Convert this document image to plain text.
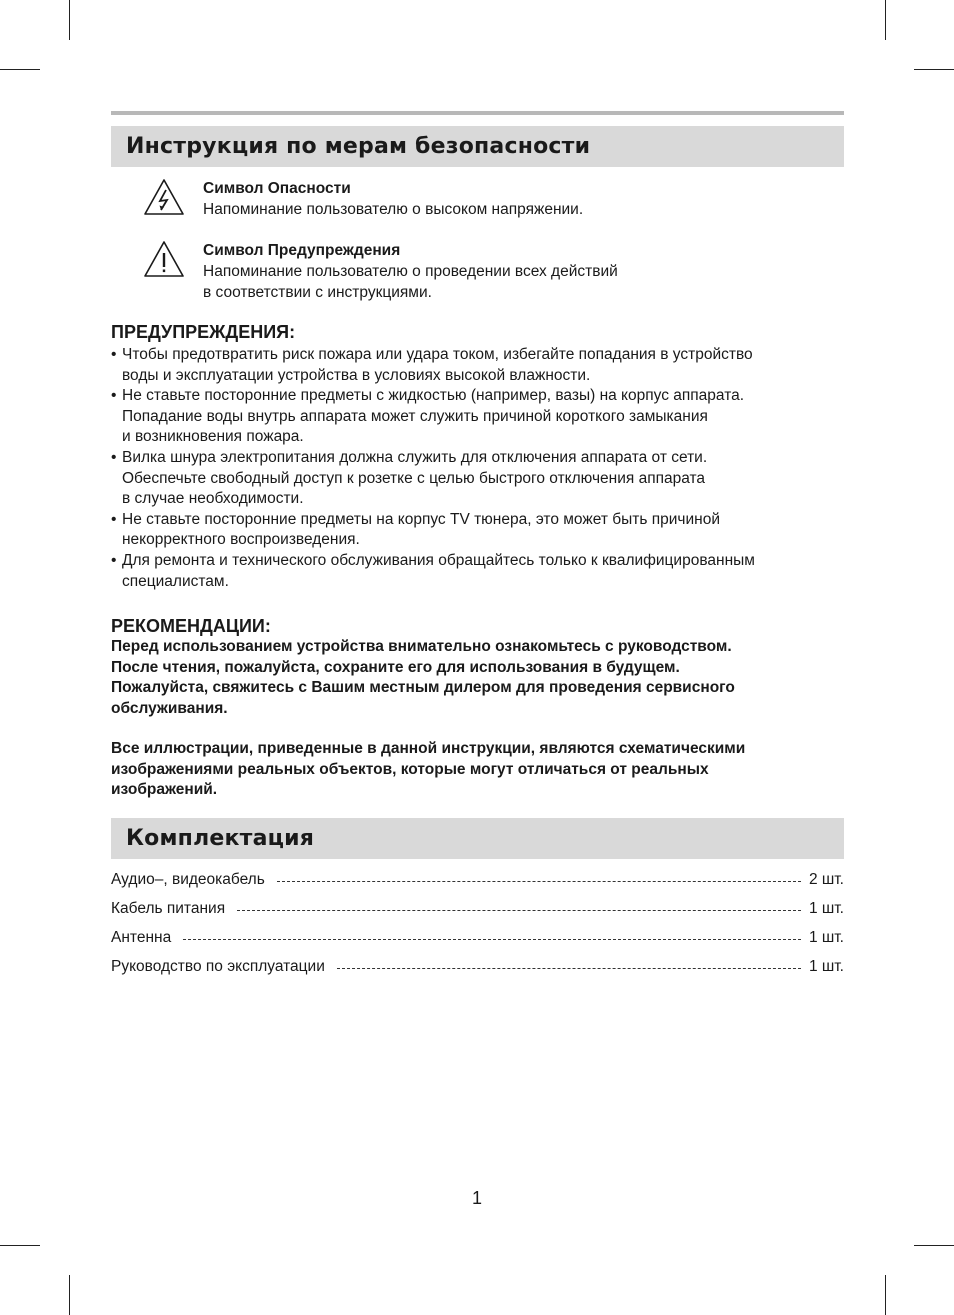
Инструкция по мерам безопасности
Символ Опасности
Напоминание пользователю о высоком напряжении.
Символ Предупреждения
Напоминание пользователю о проведении всех действий
в соответствии с инструкциями.
ПРЕДУПРЕЖДЕНИЯ:
• Чтобы предотвратить риск пожара или удара током, избегайте попадания в устройство
воды и эксплуатации устройства в условиях высокой влажности.
• Не ставьте посторонние предметы с жидкостью (например, вазы) на корпус аппарата.
Попадание воды внутрь аппарата может служить причиной короткого замыкания
и возникновения пожара.
• Вилка шнура электропитания должна служить для отключения аппарата от сети.
Обеспечьте свободный доступ к розетке с целью быстрого отключения аппарата
в случае необходимости.
• Не ставьте посторонние предметы на корпус TV тюнера, это может быть причиной
некорректного воспроизведения.
• Для ремонта и технического обслуживания обращайтесь только к квалифицированным
специалистам.
РЕКОМЕНДАЦИИ:
Перед использованием устройства внимательно ознакомьтесь с руководством.
После чтения, пожалуйста, сохраните его для использования в будущем.
Пожалуйста, свяжитесь с Вашим местным дилером для проведения сервисного
обслуживания.
Все иллюстрации, приведенные в данной инструкции, являются схематическими
изображениями реальных объектов, которые могут отличаться от реальных
изображений.
Комплектация
Аудио–, видеокабель	2 шт.
Кабель питания	1 шт.
Антенна	1 шт.
Руководство по эксплуатации	1 шт.
1
